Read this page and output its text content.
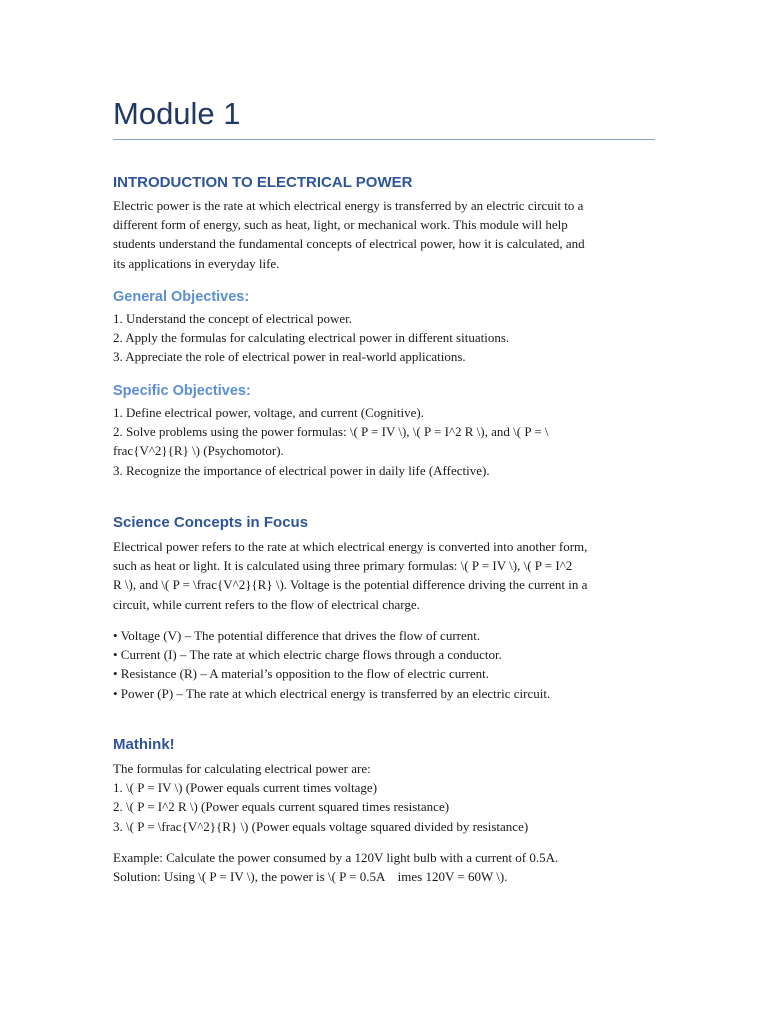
Module 1
INTRODUCTION TO ELECTRICAL POWER

Electric power is the rate at which electrical energy is transferred by an electric circuit to a
different form of energy, such as heat, light, or mechanical work. This module will help
students understand the fundamental concepts of electrical power, how it is calculated, and
its applications in everyday life.

General Objectives:

1. Understand the concept of electrical power.
2. Apply the formulas for calculating electrical power in different situations.
3. Appreciate the role of electrical power in real-world applications.

Specific Objectives:

1. Define electrical power, voltage, and current (Cognitive).
2. Solve problems using the power formulas: \( P = IV \), \( P = I^2 R \), and \( P = \
frac{V^2}{R} \) (Psychomotor).
3. Recognize the importance of electrical power in daily life (Affective).

Science Concepts in Focus

Electrical power refers to the rate at which electrical energy is converted into another form,
such as heat or light. It is calculated using three primary formulas: \( P = IV \), \( P = I^2
R \), and \( P = \frac{V^2}{R} \). Voltage is the potential difference driving the current in a
circuit, while current refers to the flow of electrical charge.

• Voltage (V) – The potential difference that drives the flow of current.
• Current (I) – The rate at which electric charge flows through a conductor.
• Resistance (R) – A material’s opposition to the flow of electric current.
• Power (P) – The rate at which electrical energy is transferred by an electric circuit.

Mathink!

The formulas for calculating electrical power are:
1. \( P = IV \) (Power equals current times voltage)
2. \( P = I^2 R \) (Power equals current squared times resistance)
3. \( P = \frac{V^2}{R} \) (Power equals voltage squared divided by resistance)

Example: Calculate the power consumed by a 120V light bulb with a current of 0.5A.
Solution: Using \( P = IV \), the power is \( P = 0.5A    imes 120V = 60W \).
